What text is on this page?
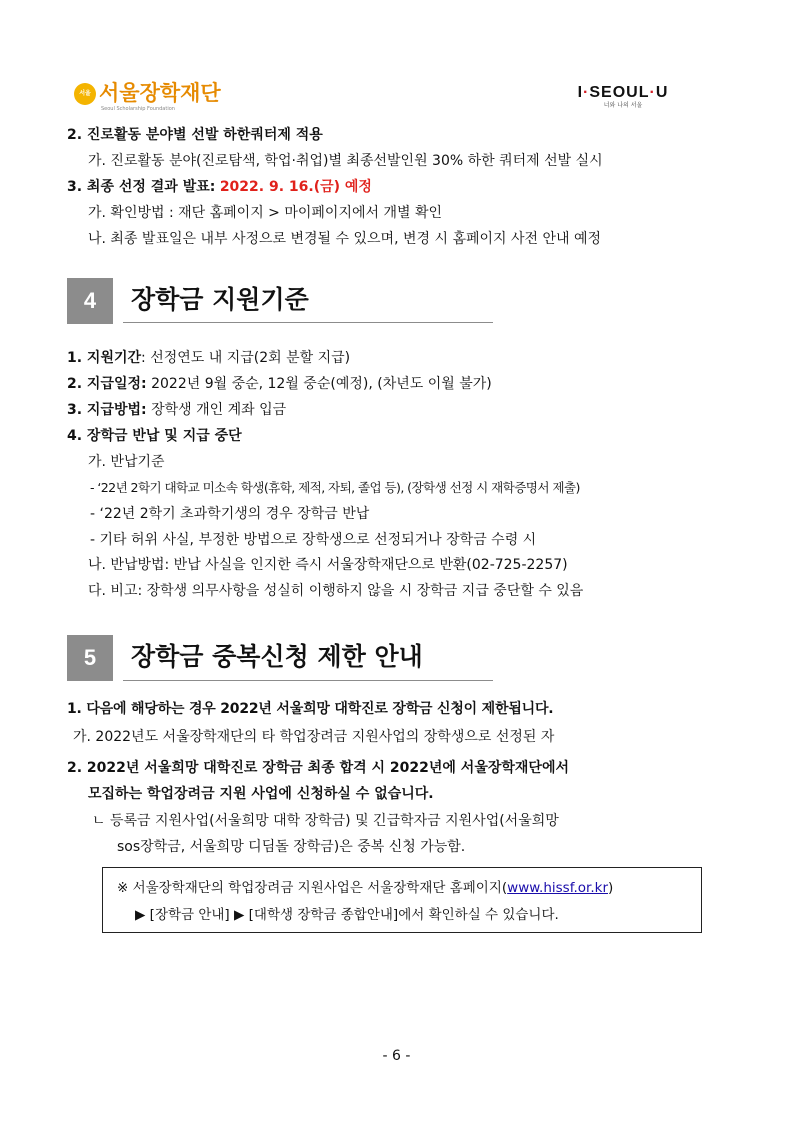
서울 서울장학재단
Seoul Scholarship Foundation
I·SEOUL·U
너와 나의 서울
2. 진로활동 분야별 선발 하한쿼터제 적용
가. 진로활동 분야(진로탐색, 학업·취업)별 최종선발인원 30% 하한 쿼터제 선발 실시
3. 최종 선정 결과 발표: 2022. 9. 16.(금) 예정
가. 확인방법 : 재단 홈페이지 > 마이페이지에서 개별 확인
나. 최종 발표일은 내부 사정으로 변경될 수 있으며, 변경 시 홈페이지 사전 안내 예정
4	장학금 지원기준
1. 지원기간: 선정연도 내 지급(2회 분할 지급)
2. 지급일정: 2022년 9월 중순, 12월 중순(예정), (차년도 이월 불가)
3. 지급방법: 장학생 개인 계좌 입금
4. 장학금 반납 및 지급 중단
가. 반납기준
- ‘22년 2학기 대학교 미소속 학생(휴학, 제적, 자퇴, 졸업 등), (장학생 선정 시 재학증명서 제출)
- ‘22년 2학기 초과학기생의 경우 장학금 반납
- 기타 허위 사실, 부정한 방법으로 장학생으로 선정되거나 장학금 수령 시
나. 반납방법: 반납 사실을 인지한 즉시 서울장학재단으로 반환(02-725-2257)
다. 비고: 장학생 의무사항을 성실히 이행하지 않을 시 장학금 지급 중단할 수 있음
5	장학금 중복신청 제한 안내
1. 다음에 해당하는 경우 2022년 서울희망 대학진로 장학금 신청이 제한됩니다.
가. 2022년도 서울장학재단의 타 학업장려금 지원사업의 장학생으로 선정된 자
2. 2022년 서울희망 대학진로 장학금 최종 합격 시 2022년에 서울장학재단에서
모집하는 학업장려금 지원 사업에 신청하실 수 없습니다.
ㄴ 등록금 지원사업(서울희망 대학 장학금) 및 긴급학자금 지원사업(서울희망
sos장학금, 서울희망 디딤돌 장학금)은 중복 신청 가능함.
※ 서울장학재단의 학업장려금 지원사업은 서울장학재단 홈페이지(www.hissf.or.kr)
▶ [장학금 안내] ▶ [대학생 장학금 종합안내]에서 확인하실 수 있습니다.
- 6 -
